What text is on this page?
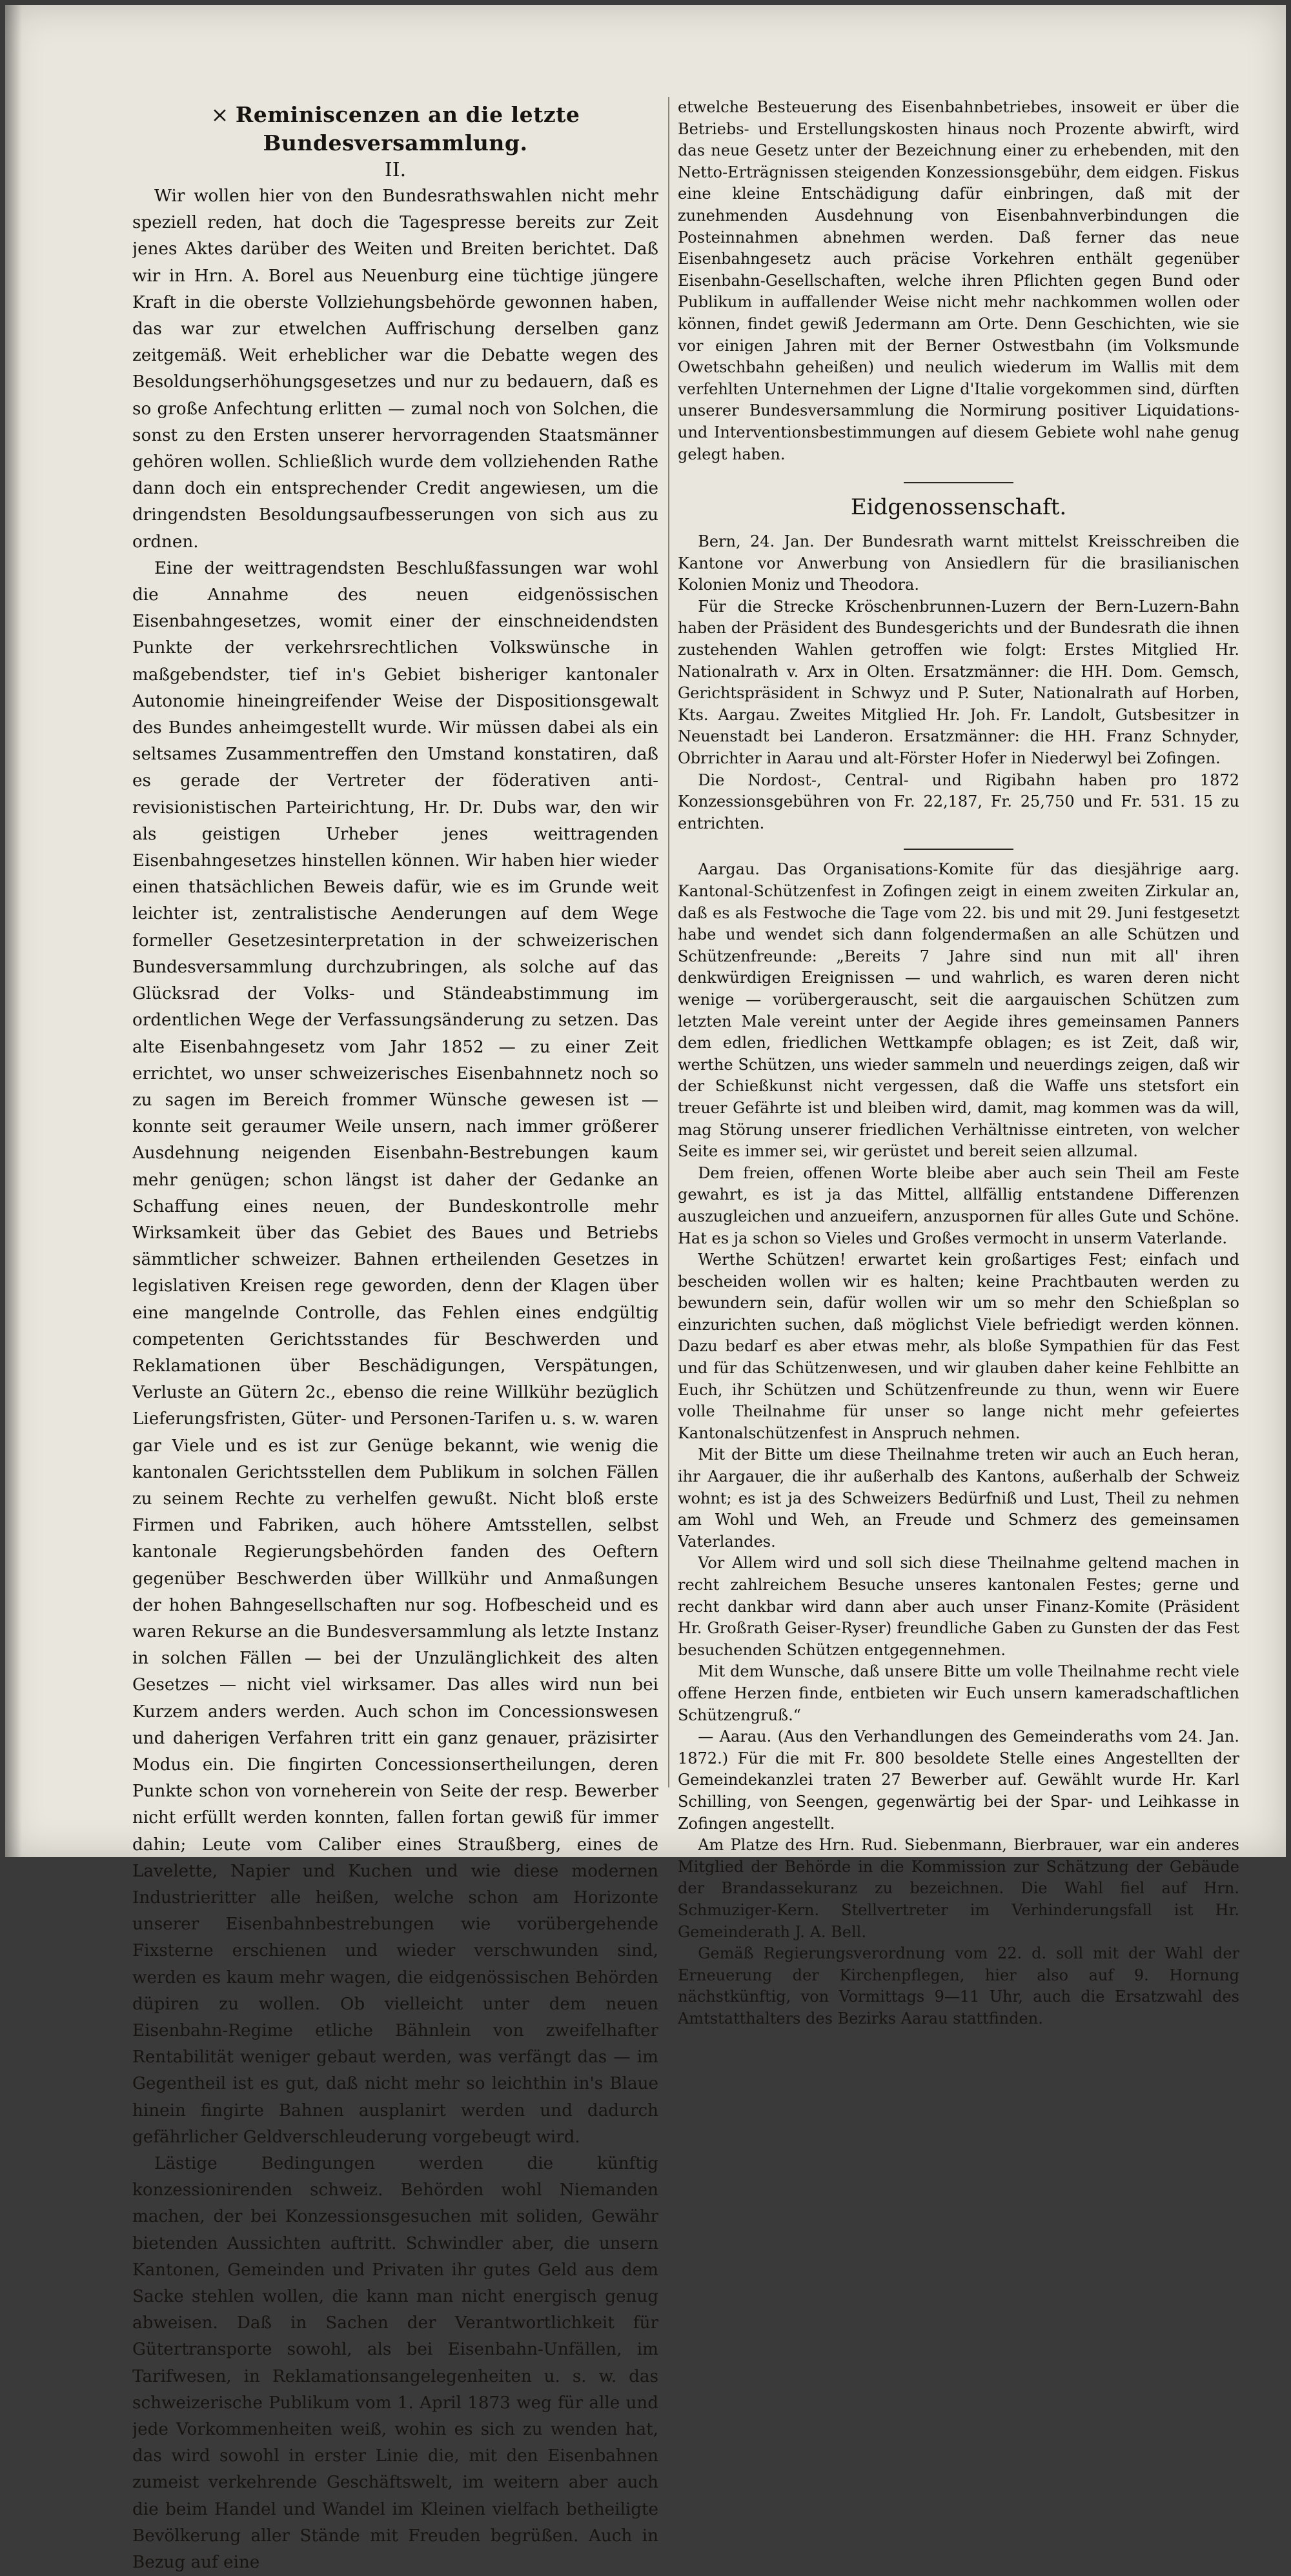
× Reminiscenzen an die letzte Bundesversammlung.
II.

Wir wollen hier von den Bundesrathswahlen nicht mehr speziell reden, hat doch die Tagespresse bereits zur Zeit jenes Aktes darüber des Weiten und Breiten berichtet. Daß wir in Hrn. A. Borel aus Neuenburg eine tüchtige jüngere Kraft in die oberste Vollziehungsbehörde gewonnen haben, das war zur etwelchen Auffrischung derselben ganz zeitgemäß. Weit erheblicher war die Debatte wegen des Besoldungserhöhungsgesetzes und nur zu bedauern, daß es so große Anfechtung erlitten — zumal noch von Solchen, die sonst zu den Ersten unserer hervorragenden Staatsmänner gehören wollen. Schließlich wurde dem vollziehenden Rathe dann doch ein entsprechender Credit angewiesen, um die dringendsten Besoldungsaufbesserungen von sich aus zu ordnen.

Eine der weittragendsten Beschlußfassungen war wohl die Annahme des neuen eidgenössischen Eisenbahngesetzes, womit einer der einschneidendsten Punkte der verkehrsrechtlichen Volkswünsche in maßgebendster, tief in's Gebiet bisheriger kantonaler Autonomie hineingreifender Weise der Dispositionsgewalt des Bundes anheimgestellt wurde. Wir müssen dabei als ein seltsames Zusammentreffen den Umstand konstatiren, daß es gerade der Vertreter der föderativen anti-revisionistischen Parteirichtung, Hr. Dr. Dubs war, den wir als geistigen Urheber jenes weittragenden Eisenbahngesetzes hinstellen können. Wir haben hier wieder einen thatsächlichen Beweis dafür, wie es im Grunde weit leichter ist, zentralistische Aenderungen auf dem Wege formeller Gesetzesinterpretation in der schweizerischen Bundesversammlung durchzubringen, als solche auf das Glücksrad der Volks- und Ständeabstimmung im ordentlichen Wege der Verfassungsänderung zu setzen. Das alte Eisenbahngesetz vom Jahr 1852 — zu einer Zeit errichtet, wo unser schweizerisches Eisenbahnnetz noch so zu sagen im Bereich frommer Wünsche gewesen ist — konnte seit geraumer Weile unsern, nach immer größerer Ausdehnung neigenden Eisenbahn-Bestrebungen kaum mehr genügen; schon längst ist daher der Gedanke an Schaffung eines neuen, der Bundeskontrolle mehr Wirksamkeit über das Gebiet des Baues und Betriebs sämmtlicher schweizer. Bahnen ertheilenden Gesetzes in legislativen Kreisen rege geworden, denn der Klagen über eine mangelnde Controlle, das Fehlen eines endgültig competenten Gerichtsstandes für Beschwerden und Reklamationen über Beschädigungen, Verspätungen, Verluste an Gütern 2c., ebenso die reine Willkühr bezüglich Lieferungsfristen, Güter- und Personen-Tarifen u. s. w. waren gar Viele und es ist zur Genüge bekannt, wie wenig die kantonalen Gerichtsstellen dem Publikum in solchen Fällen zu seinem Rechte zu verhelfen gewußt. Nicht bloß erste Firmen und Fabriken, auch höhere Amtsstellen, selbst kantonale Regierungsbehörden fanden des Oeftern gegenüber Beschwerden über Willkühr und Anmaßungen der hohen Bahngesellschaften nur sog. Hofbescheid und es waren Rekurse an die Bundesversammlung als letzte Instanz in solchen Fällen — bei der Unzulänglichkeit des alten Gesetzes — nicht viel wirksamer. Das alles wird nun bei Kurzem anders werden. Auch schon im Concessionswesen und daherigen Verfahren tritt ein ganz genauer, präzisirter Modus ein. Die fingirten Concessionsertheilungen, deren Punkte schon von vorneherein von Seite der resp. Bewerber nicht erfüllt werden konnten, fallen fortan gewiß für immer dahin; Leute vom Caliber eines Straußberg, eines de Lavelette, Napier und Kuchen und wie diese modernen Industrieritter alle heißen, welche schon am Horizonte unserer Eisenbahnbestrebungen wie vorübergehende Fixsterne erschienen und wieder verschwunden sind, werden es kaum mehr wagen, die eidgenössischen Behörden düpiren zu wollen. Ob vielleicht unter dem neuen Eisenbahn-Regime etliche Bähnlein von zweifelhafter Rentabilität weniger gebaut werden, was verfängt das — im Gegentheil ist es gut, daß nicht mehr so leichthin in's Blaue hinein fingirte Bahnen ausplanirt werden und dadurch gefährlicher Geldverschleuderung vorgebeugt wird.

Lästige Bedingungen werden die künftig konzessionirenden schweiz. Behörden wohl Niemanden machen, der bei Konzessionsgesuchen mit soliden, Gewähr bietenden Aussichten auftritt. Schwindler aber, die unsern Kantonen, Gemeinden und Privaten ihr gutes Geld aus dem Sacke stehlen wollen, die kann man nicht energisch genug abweisen. Daß in Sachen der Verantwortlichkeit für Gütertransporte sowohl, als bei Eisenbahn-Unfällen, im Tarifwesen, in Reklamationsangelegenheiten u. s. w. das schweizerische Publikum vom 1. April 1873 weg für alle und jede Vorkommenheiten weiß, wohin es sich zu wenden hat, das wird sowohl in erster Linie die, mit den Eisenbahnen zumeist verkehrende Geschäftswelt, im weitern aber auch die beim Handel und Wandel im Kleinen vielfach betheiligte Bevölkerung aller Stände mit Freuden begrüßen. Auch in Bezug auf eine

etwelche Besteuerung des Eisenbahnbetriebes, insoweit er über die Betriebs- und Erstellungskosten hinaus noch Prozente abwirft, wird das neue Gesetz unter der Bezeichnung einer zu erhebenden, mit den Netto-Erträgnissen steigenden Konzessionsgebühr, dem eidgen. Fiskus eine kleine Entschädigung dafür einbringen, daß mit der zunehmenden Ausdehnung von Eisenbahnverbindungen die Posteinnahmen abnehmen werden. Daß ferner das neue Eisenbahngesetz auch präcise Vorkehren enthält gegenüber Eisenbahn-Gesellschaften, welche ihren Pflichten gegen Bund oder Publikum in auffallender Weise nicht mehr nachkommen wollen oder können, findet gewiß Jedermann am Orte. Denn Geschichten, wie sie vor einigen Jahren mit der Berner Ostwestbahn (im Volksmunde Owetschbahn geheißen) und neulich wiederum im Wallis mit dem verfehlten Unternehmen der Ligne d'Italie vorgekommen sind, dürften unserer Bundesversammlung die Normirung positiver Liquidations- und Interventionsbestimmungen auf diesem Gebiete wohl nahe genug gelegt haben.

Eidgenossenschaft.

Bern, 24. Jan. Der Bundesrath warnt mittelst Kreisschreiben die Kantone vor Anwerbung von Ansiedlern für die brasilianischen Kolonien Moniz und Theodora.

Für die Strecke Kröschenbrunnen-Luzern der Bern-Luzern-Bahn haben der Präsident des Bundesgerichts und der Bundesrath die ihnen zustehenden Wahlen getroffen wie folgt: Erstes Mitglied Hr. Nationalrath v. Arx in Olten. Ersatzmänner: die HH. Dom. Gemsch, Gerichtspräsident in Schwyz und P. Suter, Nationalrath auf Horben, Kts. Aargau. Zweites Mitglied Hr. Joh. Fr. Landolt, Gutsbesitzer in Neuenstadt bei Landeron. Ersatzmänner: die HH. Franz Schnyder, Obrrichter in Aarau und alt-Förster Hofer in Niederwyl bei Zofingen.

Die Nordost-, Central- und Rigibahn haben pro 1872 Konzessionsgebühren von Fr. 22,187, Fr. 25,750 und Fr. 531. 15 zu entrichten.

Aargau. Das Organisations-Komite für das diesjährige aarg. Kantonal-Schützenfest in Zofingen zeigt in einem zweiten Zirkular an, daß es als Festwoche die Tage vom 22. bis und mit 29. Juni festgesetzt habe und wendet sich dann folgendermaßen an alle Schützen und Schützenfreunde: „Bereits 7 Jahre sind nun mit all' ihren denkwürdigen Ereignissen — und wahrlich, es waren deren nicht wenige — vorübergerauscht, seit die aargauischen Schützen zum letzten Male vereint unter der Aegide ihres gemeinsamen Panners dem edlen, friedlichen Wettkampfe oblagen; es ist Zeit, daß wir, werthe Schützen, uns wieder sammeln und neuerdings zeigen, daß wir der Schießkunst nicht vergessen, daß die Waffe uns stetsfort ein treuer Gefährte ist und bleiben wird, damit, mag kommen was da will, mag Störung unserer friedlichen Verhältnisse eintreten, von welcher Seite es immer sei, wir gerüstet und bereit seien allzumal.

Dem freien, offenen Worte bleibe aber auch sein Theil am Feste gewahrt, es ist ja das Mittel, allfällig entstandene Differenzen auszugleichen und anzueifern, anzuspornen für alles Gute und Schöne. Hat es ja schon so Vieles und Großes vermocht in unserm Vaterlande.

Werthe Schützen! erwartet kein großartiges Fest; einfach und bescheiden wollen wir es halten; keine Prachtbauten werden zu bewundern sein, dafür wollen wir um so mehr den Schießplan so einzurichten suchen, daß möglichst Viele befriedigt werden können. Dazu bedarf es aber etwas mehr, als bloße Sympathien für das Fest und für das Schützenwesen, und wir glauben daher keine Fehlbitte an Euch, ihr Schützen und Schützenfreunde zu thun, wenn wir Euere volle Theilnahme für unser so lange nicht mehr gefeiertes Kantonalschützenfest in Anspruch nehmen.

Mit der Bitte um diese Theilnahme treten wir auch an Euch heran, ihr Aargauer, die ihr außerhalb des Kantons, außerhalb der Schweiz wohnt; es ist ja des Schweizers Bedürfniß und Lust, Theil zu nehmen am Wohl und Weh, an Freude und Schmerz des gemeinsamen Vaterlandes.

Vor Allem wird und soll sich diese Theilnahme geltend machen in recht zahlreichem Besuche unseres kantonalen Festes; gerne und recht dankbar wird dann aber auch unser Finanz-Komite (Präsident Hr. Großrath Geiser-Ryser) freundliche Gaben zu Gunsten der das Fest besuchenden Schützen entgegennehmen.

Mit dem Wunsche, daß unsere Bitte um volle Theilnahme recht viele offene Herzen finde, entbieten wir Euch unsern kameradschaftlichen Schützengruß.“

— Aarau. (Aus den Verhandlungen des Gemeinderaths vom 24. Jan. 1872.) Für die mit Fr. 800 besoldete Stelle eines Angestellten der Gemeindekanzlei traten 27 Bewerber auf. Gewählt wurde Hr. Karl Schilling, von Seengen, gegenwärtig bei der Spar- und Leihkasse in Zofingen angestellt.

Am Platze des Hrn. Rud. Siebenmann, Bierbrauer, war ein anderes Mitglied der Behörde in die Kommission zur Schätzung der Gebäude der Brandassekuranz zu bezeichnen. Die Wahl fiel auf Hrn. Schmuziger-Kern. Stellvertreter im Verhinderungsfall ist Hr. Gemeinderath J. A. Bell.

Gemäß Regierungsverordnung vom 22. d. soll mit der Wahl der Erneuerung der Kirchenpflegen, hier also auf 9. Hornung nächstkünftig, von Vormittags 9—11 Uhr, auch die Ersatzwahl des Amtstatthalters des Bezirks Aarau stattfinden.
